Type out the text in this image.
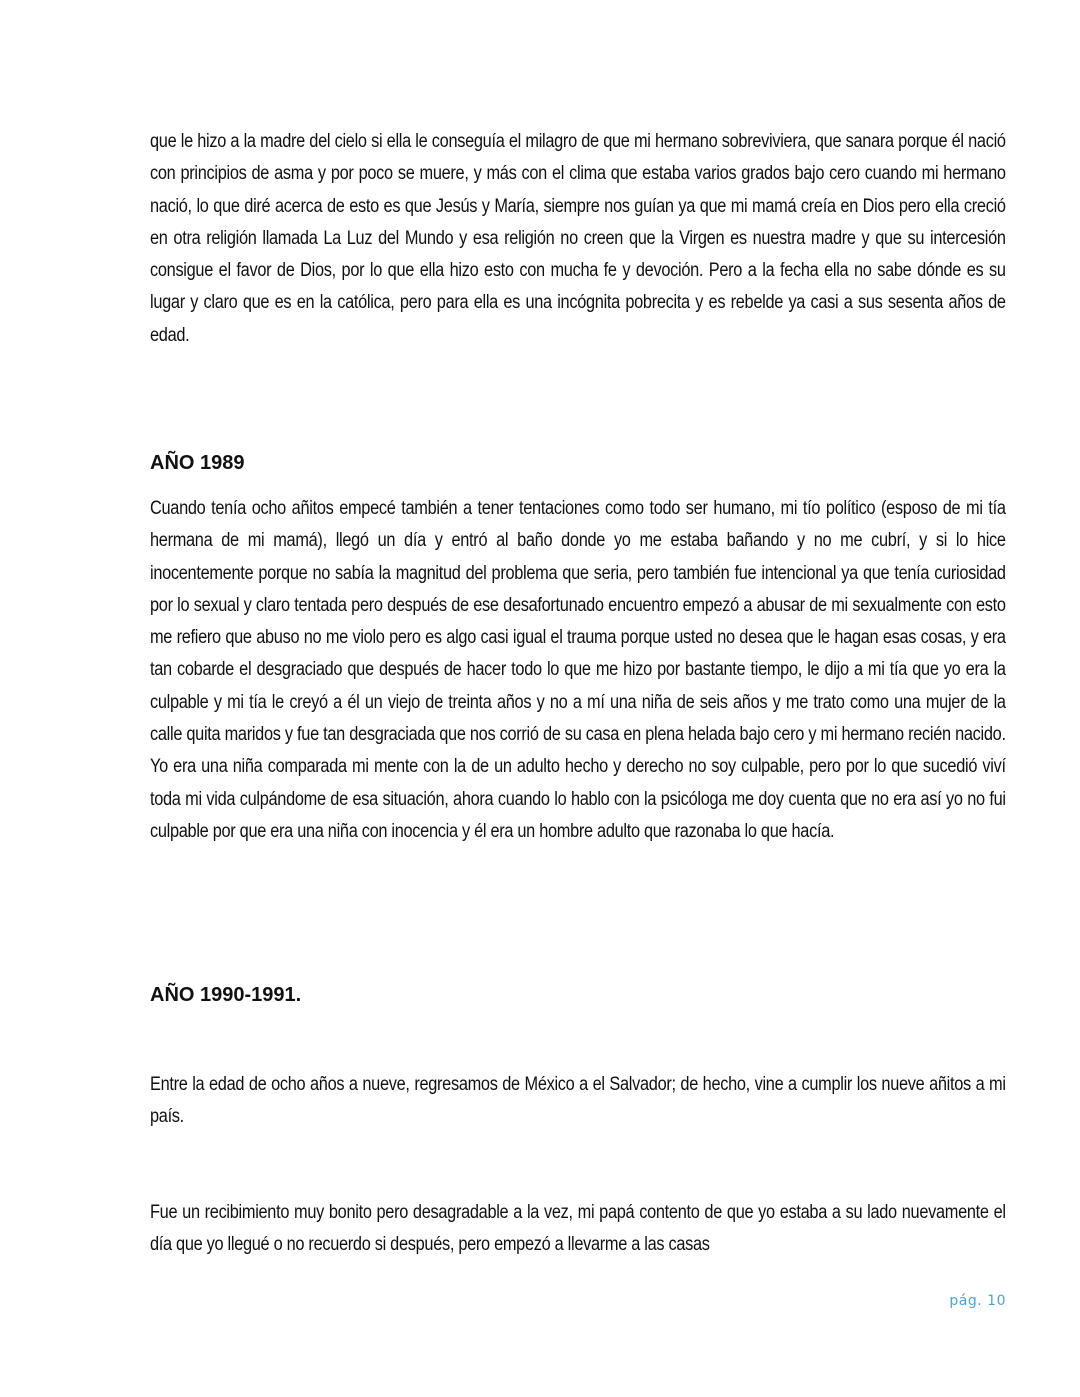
que le hizo a la madre del cielo si ella le conseguía el milagro de que mi hermano sobreviviera, que sanara porque él nació con principios de asma y por poco se muere, y más con el clima que estaba varios grados bajo cero cuando mi hermano nació, lo que diré acerca de esto es que Jesús y María, siempre nos guían ya que mi mamá creía en Dios pero ella creció en otra religión llamada La Luz del Mundo y esa religión no creen que la Virgen es nuestra madre y que su intercesión consigue el favor de Dios, por lo que ella hizo esto con mucha fe y devoción. Pero a la fecha ella no sabe dónde es su lugar y claro que es en la católica, pero para ella es una incógnita pobrecita y es rebelde ya casi a sus sesenta años de edad.

AÑO 1989

Cuando tenía ocho añitos empecé también a tener tentaciones como todo ser humano, mi tío político (esposo de mi tía hermana de mi mamá), llegó un día y entró al baño donde yo me estaba bañando y no me cubrí, y si lo hice inocentemente porque no sabía la magnitud del problema que seria, pero también fue intencional ya que tenía curiosidad por lo sexual y claro tentada pero después de ese desafortunado encuentro empezó a abusar de mi sexualmente con esto me refiero que abuso no me violo pero es algo casi igual el trauma porque usted no desea que le hagan esas cosas, y era tan cobarde el desgraciado que después de hacer todo lo que me hizo por bastante tiempo, le dijo a mi tía que yo era la culpable y mi tía le creyó a él un viejo de treinta años y no a mí una niña de seis años y me trato como una mujer de la calle quita maridos y fue tan desgraciada que nos corrió de su casa en plena helada bajo cero y mi hermano recién nacido. Yo era una niña comparada mi mente con la de un adulto hecho y derecho no soy culpable, pero por lo que sucedió viví toda mi vida culpándome de esa situación, ahora cuando lo hablo con la psicóloga me doy cuenta que no era así yo no fui culpable por que era una niña con inocencia y él era un hombre adulto que razonaba lo que hacía.

AÑO 1990-1991.

Entre la edad de ocho años a nueve, regresamos de México a el Salvador; de hecho, vine a cumplir los nueve añitos a mi país.

Fue un recibimiento muy bonito pero desagradable a la vez, mi papá contento de que yo estaba a su lado nuevamente el día que yo llegué o no recuerdo si después, pero empezó a llevarme a las casas

pág. 10
